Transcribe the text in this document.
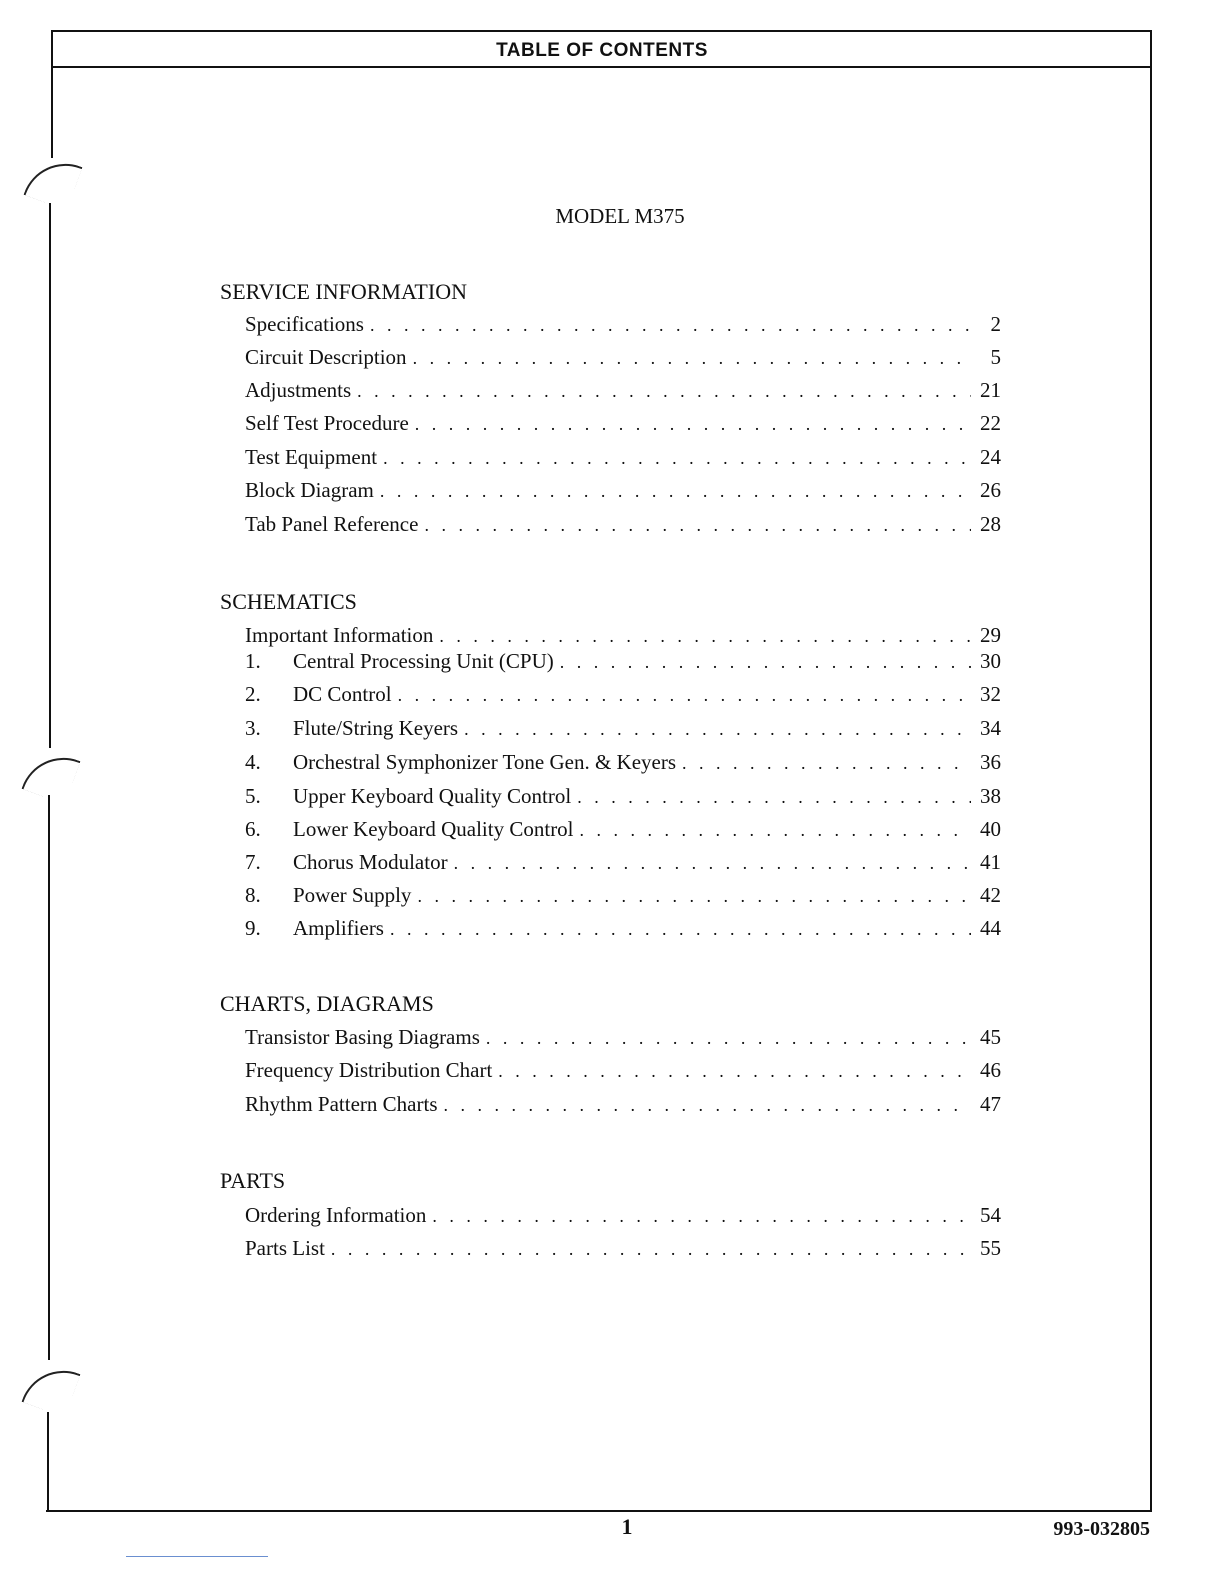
TABLE OF CONTENTS
MODEL M375
SERVICE INFORMATION
Specifications . . .	2
Circuit Description . . .	5
Adjustments . . .	21
Self Test Procedure . . .	22
Test Equipment . . .	24
Block Diagram . . .	26
Tab Panel Reference . . .	28
SCHEMATICS
Important Information . . .	29
1.	Central Processing Unit (CPU) . . .	30
2.	DC Control . . .	32
3.	Flute/String Keyers . . .	34
4.	Orchestral Symphonizer Tone Gen. & Keyers . . .	36
5.	Upper Keyboard Quality Control . . .	38
6.	Lower Keyboard Quality Control . . .	40
7.	Chorus Modulator . . .	41
8.	Power Supply . . .	42
9.	Amplifiers . . .	44
CHARTS, DIAGRAMS
Transistor Basing Diagrams . . .	45
Frequency Distribution Chart . . .	46
Rhythm Pattern Charts . . .	47
PARTS
Ordering Information . . .	54
Parts List . . .	55
1	993-032805
